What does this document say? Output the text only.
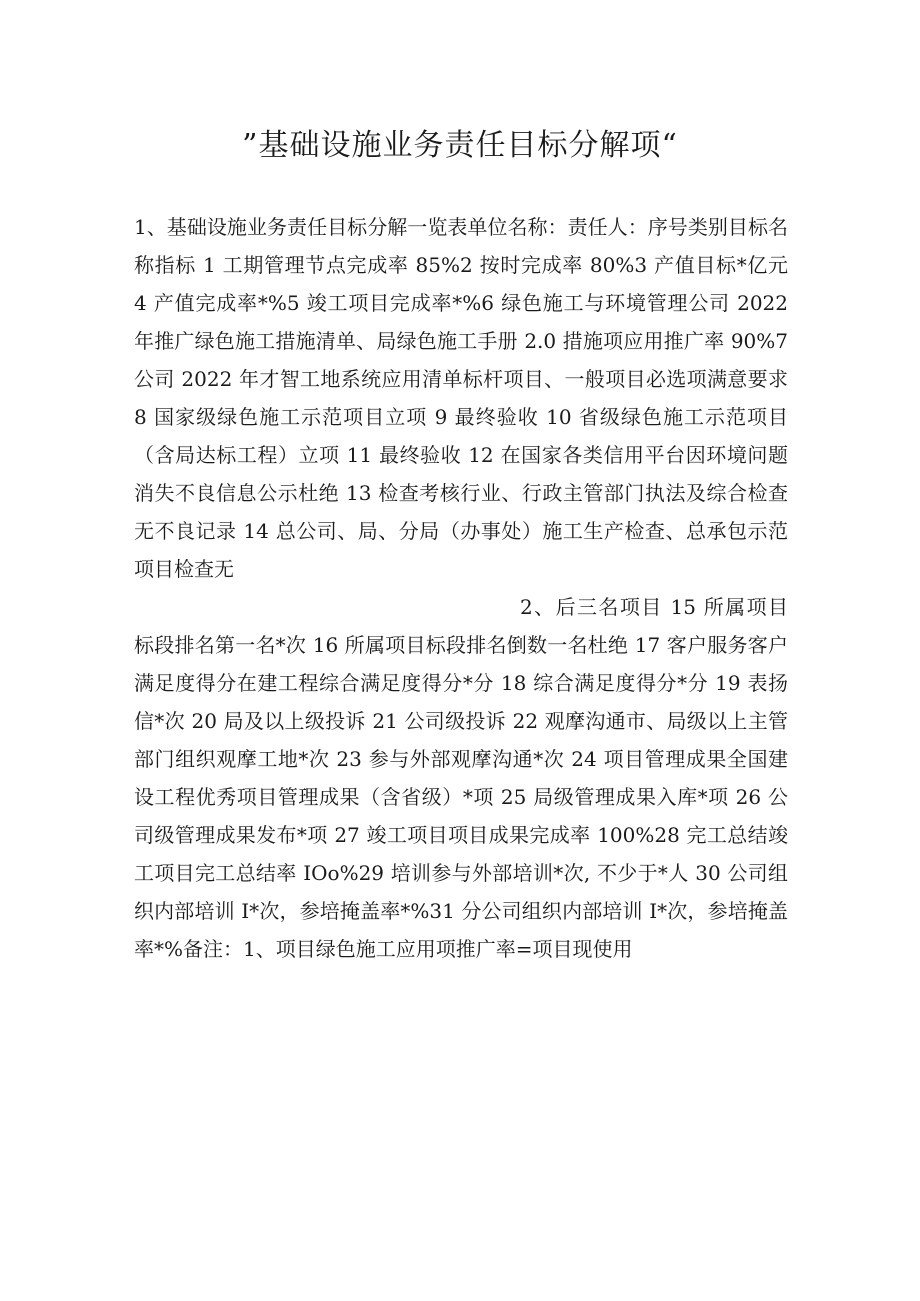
”基础设施业务责任目标分解项“

1、基础设施业务责任目标分解一览表单位名称：责任人：序号类别目标名称指标 1 工期管理节点完成率 85%2 按时完成率 80%3 产值目标*亿元 4 产值完成率*%5 竣工项目完成率*%6 绿色施工与环境管理公司 2022 年推广绿色施工措施清单、局绿色施工手册 2.0 措施项应用推广率 90%7 公司 2022 年才智工地系统应用清单标杆项目、一般项目必选项满意要求 8 国家级绿色施工示范项目立项 9 最终验收 10 省级绿色施工示范项目（含局达标工程）立项 11 最终验收 12 在国家各类信用平台因环境问题消失不良信息公示杜绝 13 检查考核行业、行政主管部门执法及综合检查无不良记录 14 总公司、局、分局（办事处）施工生产检查、总承包示范项目检查无

2、后三名项目 15 所属项目标段排名第一名*次 16 所属项目标段排名倒数一名杜绝 17 客户服务客户满足度得分在建工程综合满足度得分*分 18 综合满足度得分*分 19 表扬信*次 20 局及以上级投诉 21 公司级投诉 22 观摩沟通市、局级以上主管部门组织观摩工地*次 23 参与外部观摩沟通*次 24 项目管理成果全国建设工程优秀项目管理成果（含省级）*项 25 局级管理成果入库*项 26 公司级管理成果发布*项 27 竣工项目项目成果完成率 100%28 完工总结竣工项目完工总结率 IOo%29 培训参与外部培训*次, 不少于*人 30 公司组织内部培训 I*次，参培掩盖率*%31 分公司组织内部培训 I*次，参培掩盖率*%备注：1、项目绿色施工应用项推广率=项目现使用
